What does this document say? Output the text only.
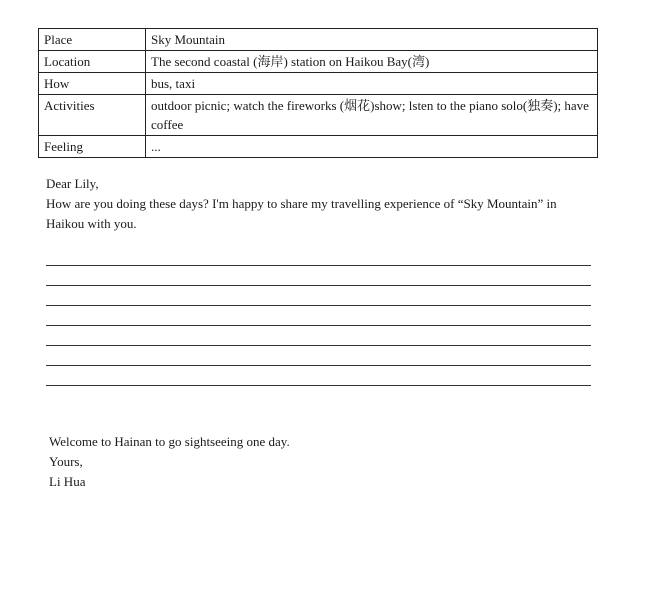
Place	Sky Mountain
Location	The second coastal (海岸) station on Haikou Bay(湾)
How	bus, taxi
Activities	outdoor picnic; watch the fireworks (烟花)show; lsten to the piano solo(独奏); have coffee
Feeling	...

Dear Lily,

How are you doing these days? I'm happy to share my travelling experience of “Sky Mountain” in Haikou with you.

Welcome to Hainan to go sightseeing one day.

Yours,

Li Hua
